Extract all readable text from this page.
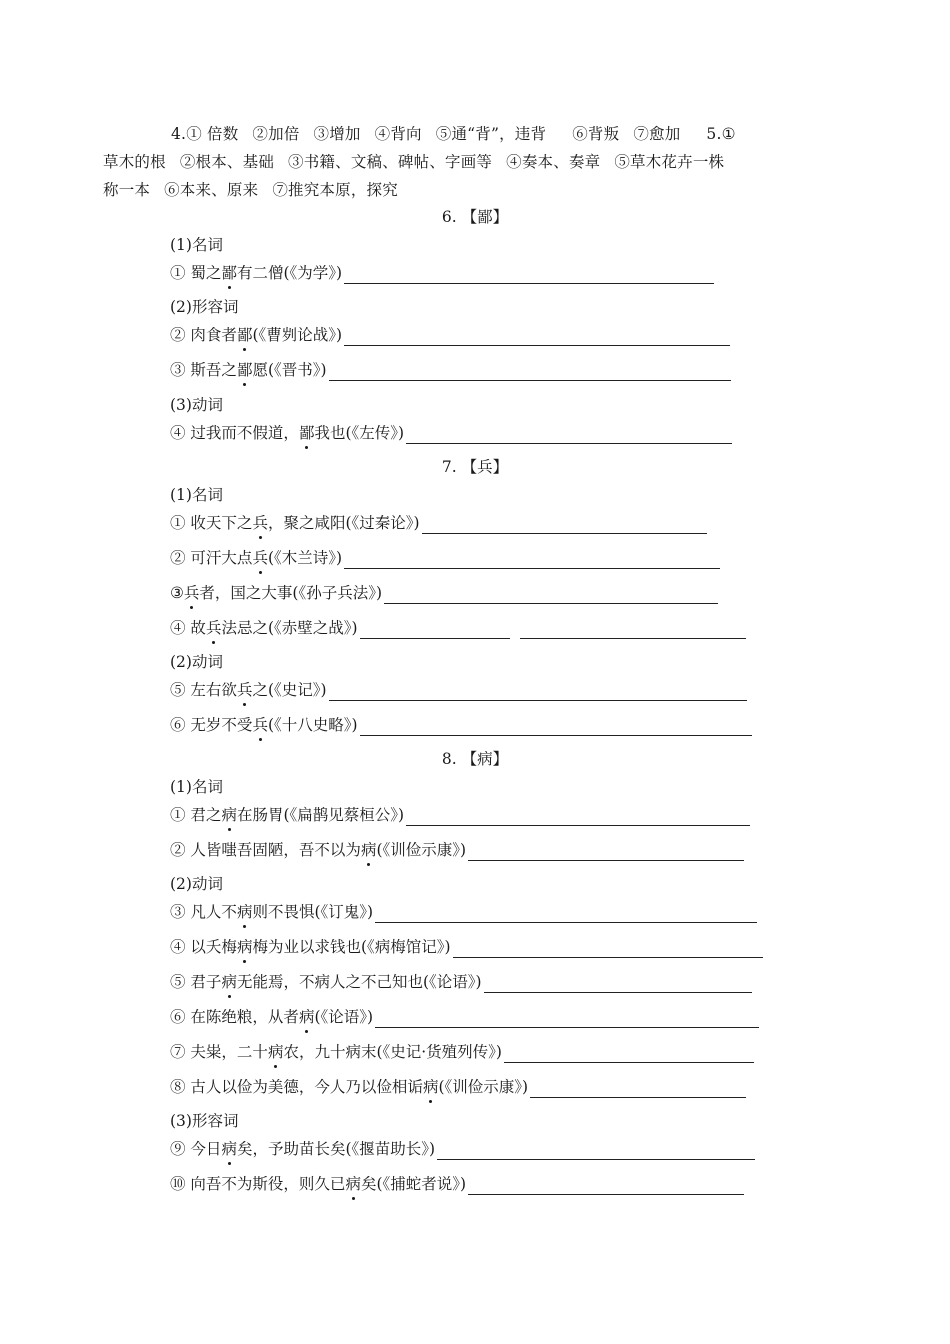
4.① 倍数 ②加倍 ③增加 ④背向 ⑤通“背”，违背 ⑥背叛 ⑦愈加 5.①
草木的根 ②根本、基础 ③书籍、文稿、碑帖、字画等 ④奏本、奏章 ⑤草木花卉一株
称一本 ⑥本来、原来 ⑦推究本原，探究
6. 【鄙】
(1)名词
① 蜀之 鄙 有二僧(《为学》)
(2)形容词
② 肉食者 鄙 (《曹刿论战》)
③ 斯吾之 鄙 愿(《晋书》)
(3)动词
④ 过我而不假道， 鄙 我也(《左传》)
7. 【兵】
(1)名词
① 收天下之 兵 ，聚之咸阳(《过秦论》)
② 可汗大点 兵 (《木兰诗》)
③ 兵 者，国之大事(《孙子兵法》)
④ 故 兵 法忌之(《赤壁之战》)
(2)动词
⑤ 左右欲 兵 之(《史记》)
⑥ 无岁不受 兵 (《十八史略》)
8. 【病】
(1)名词
① 君之 病 在肠胃(《扁鹊见蔡桓公》)
② 人皆嗤吾固陋，吾不以为 病 (《训俭示康》)
(2)动词
③ 凡人不 病 则不畏惧(《订鬼》)
④ 以夭梅 病 梅为业以求钱也(《病梅馆记》)
⑤ 君子 病 无能焉，不病人之不己知也(《论语》)
⑥ 在陈绝粮，从者 病 (《论语》)
⑦ 夫粜，二十 病 农，九十病末(《史记·货殖列传》)
⑧ 古人以俭为美德，今人乃以俭相诟 病 (《训俭示康》)
(3)形容词
⑨ 今日 病 矣，予助苗长矣(《揠苗助长》)
⑩ 向吾不为斯役，则久已 病 矣(《捕蛇者说》)
